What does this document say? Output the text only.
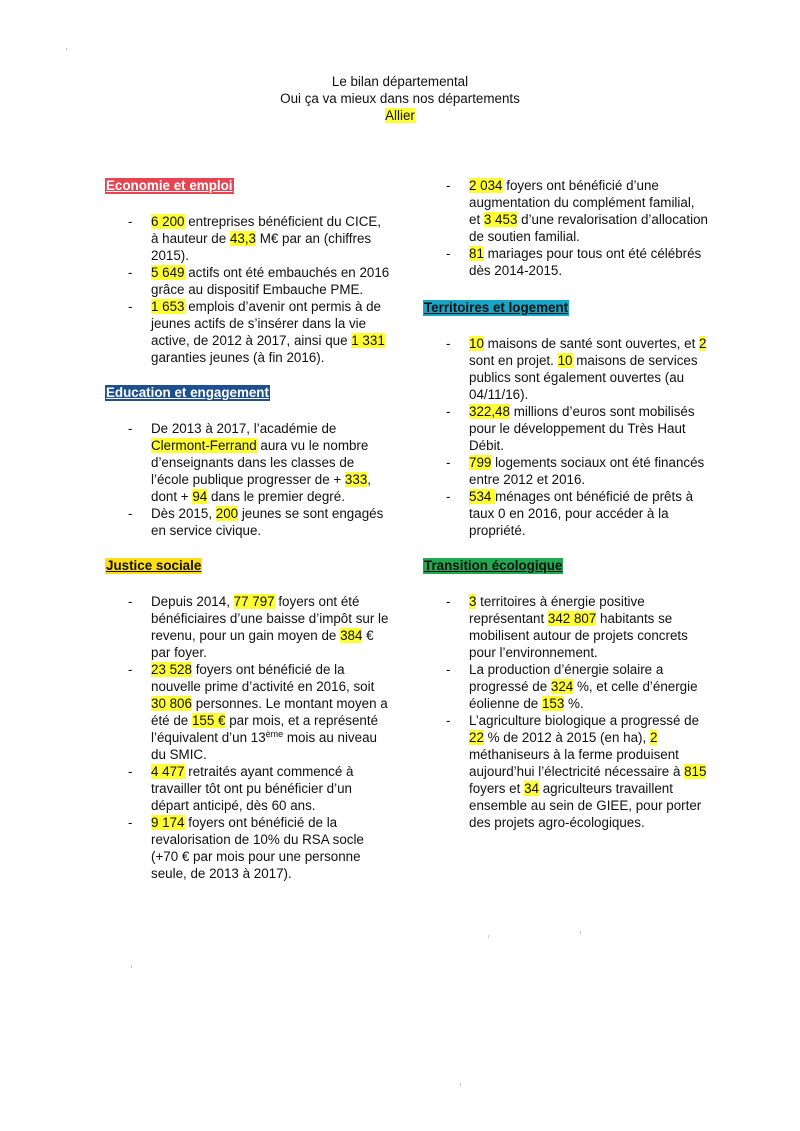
Le bilan départemental
Oui ça va mieux dans nos départements
Allier
Economie et emploi
- 6 200 entreprises bénéficient du CICE, à hauteur de 43,3 M€ par an (chiffres 2015).
- 5 649 actifs ont été embauchés en 2016 grâce au dispositif Embauche PME.
- 1 653 emplois d’avenir ont permis à de jeunes actifs de s’insérer dans la vie active, de 2012 à 2017, ainsi que 1 331 garanties jeunes (à fin 2016).
Education et engagement
- De 2013 à 2017, l’académie de Clermont-Ferrand aura vu le nombre d’enseignants dans les classes de l’école publique progresser de + 333, dont + 94 dans le premier degré.
- Dès 2015, 200 jeunes se sont engagés en service civique.
Justice sociale
- Depuis 2014, 77 797 foyers ont été bénéficiaires d’une baisse d’impôt sur le revenu, pour un gain moyen de 384 € par foyer.
- 23 528 foyers ont bénéficié de la nouvelle prime d’activité en 2016, soit 30 806 personnes. Le montant moyen a été de 155 € par mois, et a représenté l’équivalent d’un 13ème mois au niveau du SMIC.
- 4 477 retraités ayant commencé à travailler tôt ont pu bénéficier d’un départ anticipé, dès 60 ans.
- 9 174 foyers ont bénéficié de la revalorisation de 10% du RSA socle (+70 € par mois pour une personne seule, de 2013 à 2017).
- 2 034 foyers ont bénéficié d’une augmentation du complément familial, et 3 453 d’une revalorisation d’allocation de soutien familial.
- 81 mariages pour tous ont été célébrés dès 2014-2015.
Territoires et logement
- 10 maisons de santé sont ouvertes, et 2 sont en projet. 10 maisons de services publics sont également ouvertes (au 04/11/16).
- 322,48 millions d’euros sont mobilisés pour le développement du Très Haut Débit.
- 799 logements sociaux ont été financés entre 2012 et 2016.
- 534 ménages ont bénéficié de prêts à taux 0 en 2016, pour accéder à la propriété.
Transition écologique
- 3 territoires à énergie positive représentant 342 807 habitants se mobilisent autour de projets concrets pour l’environnement.
- La production d’énergie solaire a progressé de 324 %, et celle d’énergie éolienne de 153 %.
- L’agriculture biologique a progressé de 22 % de 2012 à 2015 (en ha), 2 méthaniseurs à la ferme produisent aujourd’hui l’électricité nécessaire à 815 foyers et 34 agriculteurs travaillent ensemble au sein de GIEE, pour porter des projets agro-écologiques.
